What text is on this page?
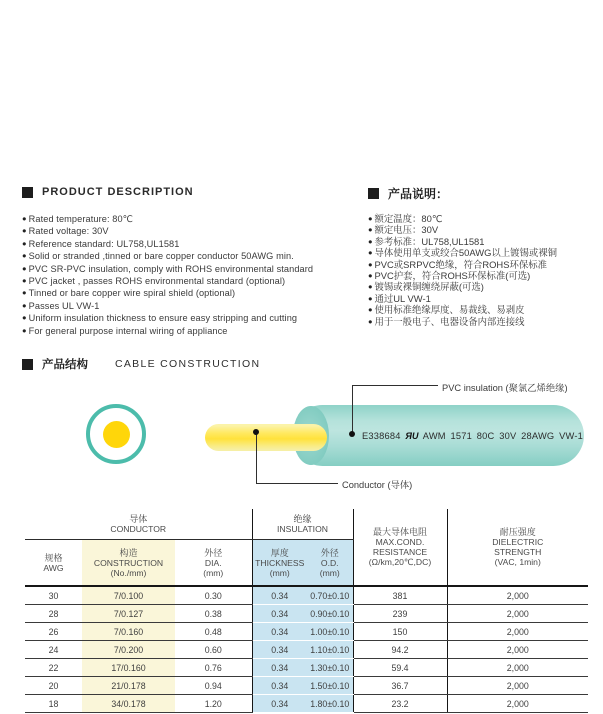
PRODUCT DESCRIPTION
● Rated temperature: 80℃
● Rated voltage: 30V
● Reference standard: UL758,UL1581
● Solid or stranded ,tinned or bare copper conductor 50AWG min.
● PVC SR-PVC insulation, comply with ROHS environmental standard
● PVC jacket , passes ROHS environmental standard (optional)
● Tinned or bare copper wire spiral shield (optional)
● Passes UL VW-1
● Uniform insulation thickness to ensure easy stripping and cutting
● For general purpose internal wiring of appliance
产品说明：
● 额定温度：80℃
● 额定电压：30V
● 参考标准：UL758,UL1581
● 导体使用单支或绞合50AWG以上镀锡或裸铜
● PVC或SRPVC绝缘，符合ROHS环保标准
● PVC护套，符合ROHS环保标准(可选)
● 镀锡或裸铜缠绕屏蔽(可选)
● 通过UL VW-1
● 使用标准绝缘厚度、易裁线、易剥皮
● 用于一般电子、电器设备内部连接线
产品结构	CABLE CONSTRUCTION
E338684 ЯU AWM 1571 80C 30V 28AWG VW-1
PVC insulation (聚氯乙烯绝缘)
Conductor (导体)
导体
CONDUCTOR

绝缘
INSULATION	最大导体电阻
MAX.COND.
RESISTANCE
(Ω/km,20℃,DC)

耐压强度
DIELECTRIC
STRENGTH
(VAC, 1min)

规格
AWG

构造
CONSTRUCTION
(No./mm)

外径
DIA.
(mm)

厚度
THICKNESS
(mm)

外径
O.D.
(mm)

30	7/0.100	0.30	0.34	0.70±0.10	381	2,000
28	7/0.127	0.38	0.34	0.90±0.10	239	2,000
26	7/0.160	0.48	0.34	1.00±0.10	150	2,000
24	7/0.200	0.60	0.34	1.10±0.10	94.2	2,000
22	17/0.160	0.76	0.34	1.30±0.10	59.4	2,000
20	21/0.178	0.94	0.34	1.50±0.10	36.7	2,000
18	34/0.178	1.20	0.34	1.80±0.10	23.2	2,000
